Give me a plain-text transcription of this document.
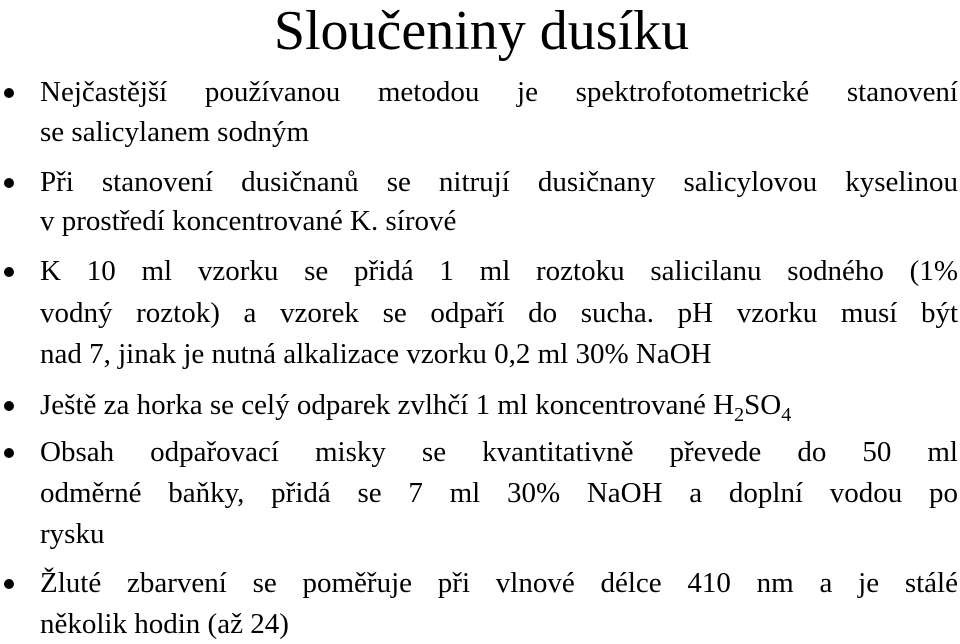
Sloučeniny dusíku
Nejčastější používanou metodou je spektrofotometrické stanovení
se salicylanem sodným
Při stanovení dusičnanů se nitrují dusičnany salicylovou kyselinou
v prostředí koncentrované K. sírové
K 10 ml vzorku se přidá 1 ml roztoku salicilanu sodného (1%
vodný roztok) a vzorek se odpaří do sucha. pH vzorku musí být
nad 7, jinak je nutná alkalizace vzorku 0,2 ml 30% NaOH
Ještě za horka se celý odparek zvlhčí 1 ml koncentrované $H_2SO_4$
Obsah odpařovací misky se kvantitativně převede do 50 ml
odměrné baňky, přidá se 7 ml 30% NaOH a doplní vodou po
rysku
Žluté zbarvení se poměřuje při vlnové délce 410 nm a je stálé
několik hodin (až 24)
